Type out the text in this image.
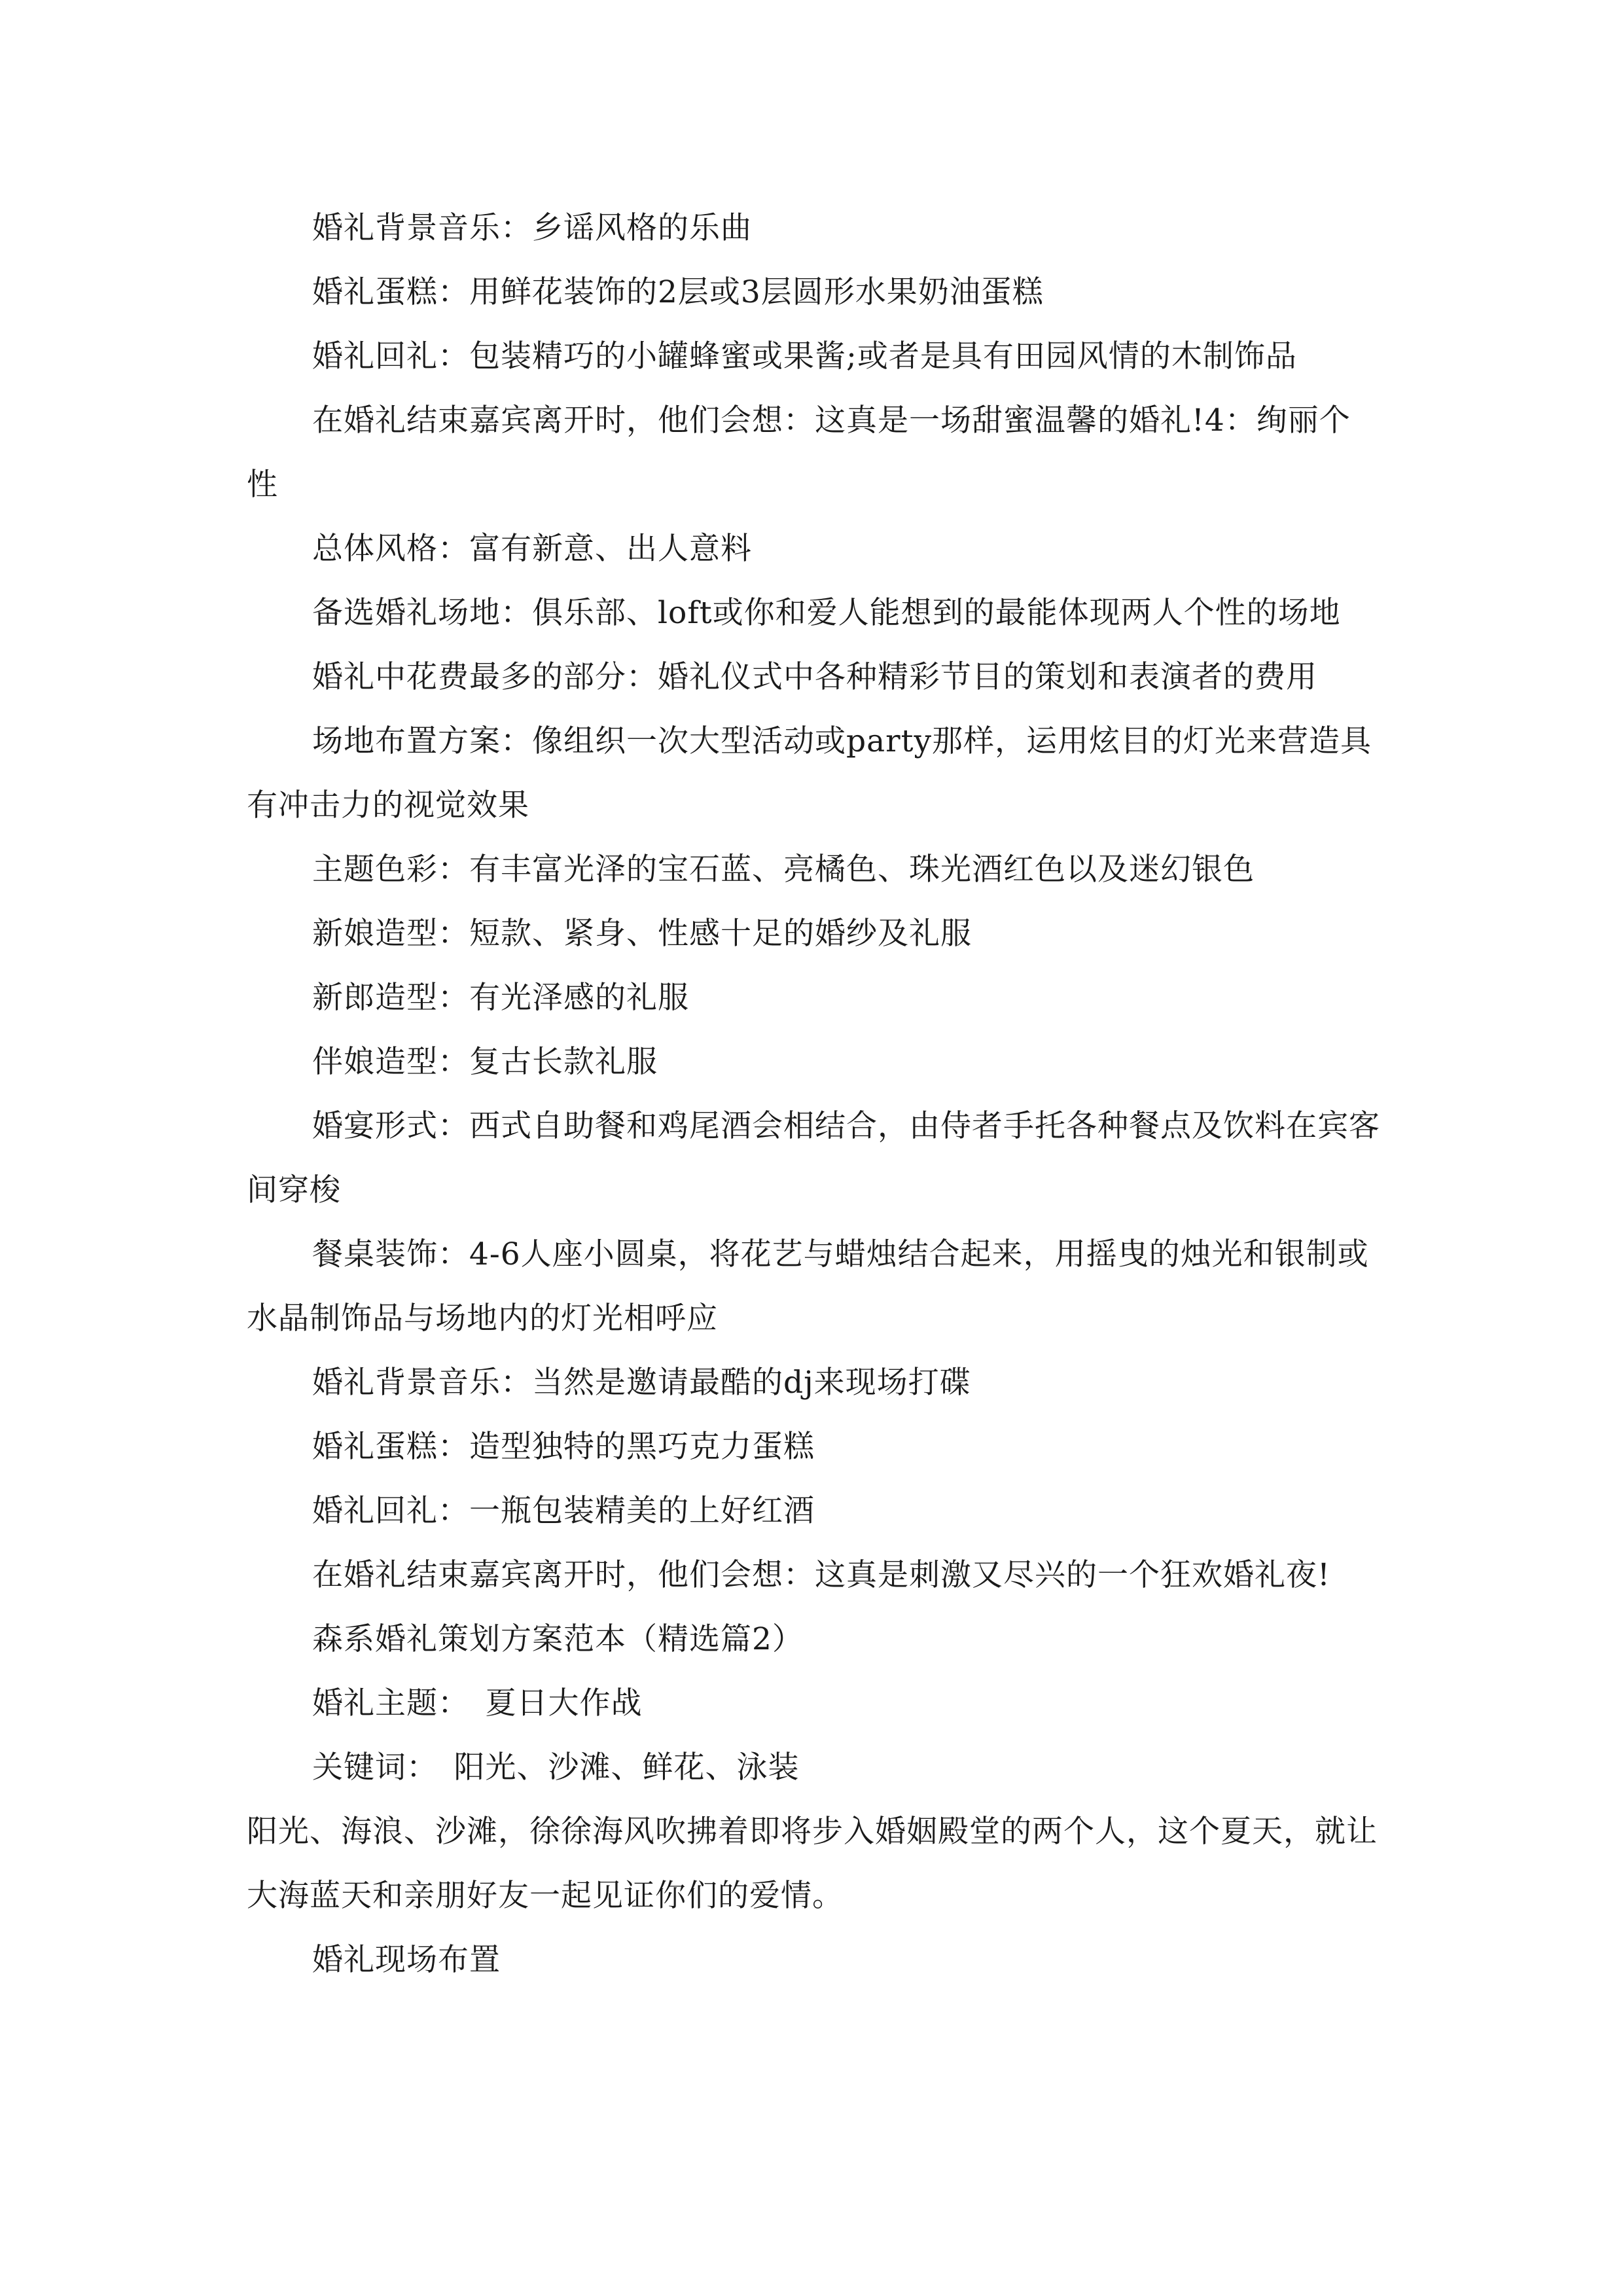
婚礼背景音乐：乡谣风格的乐曲

婚礼蛋糕：用鲜花装饰的2层或3层圆形水果奶油蛋糕

婚礼回礼：包装精巧的小罐蜂蜜或果酱;或者是具有田园风情的木制饰品

在婚礼结束嘉宾离开时，他们会想：这真是一场甜蜜温馨的婚礼!4：绚丽个性

总体风格：富有新意、出人意料

备选婚礼场地：俱乐部、loft或你和爱人能想到的最能体现两人个性的场地

婚礼中花费最多的部分：婚礼仪式中各种精彩节目的策划和表演者的费用

场地布置方案：像组织一次大型活动或party那样，运用炫目的灯光来营造具有冲击力的视觉效果

主题色彩：有丰富光泽的宝石蓝、亮橘色、珠光酒红色以及迷幻银色

新娘造型：短款、紧身、性感十足的婚纱及礼服

新郎造型：有光泽感的礼服

伴娘造型：复古长款礼服

婚宴形式：西式自助餐和鸡尾酒会相结合，由侍者手托各种餐点及饮料在宾客间穿梭

餐桌装饰：4-6人座小圆桌，将花艺与蜡烛结合起来，用摇曳的烛光和银制或水晶制饰品与场地内的灯光相呼应

婚礼背景音乐：当然是邀请最酷的dj来现场打碟

婚礼蛋糕：造型独特的黑巧克力蛋糕

婚礼回礼：一瓶包装精美的上好红酒

在婚礼结束嘉宾离开时，他们会想：这真是刺激又尽兴的一个狂欢婚礼夜!

森系婚礼策划方案范本（精选篇2）

婚礼主题：　夏日大作战

关键词：　阳光、沙滩、鲜花、泳装

阳光、海浪、沙滩，徐徐海风吹拂着即将步入婚姻殿堂的两个人，这个夏天，就让大海蓝天和亲朋好友一起见证你们的爱情。

婚礼现场布置
